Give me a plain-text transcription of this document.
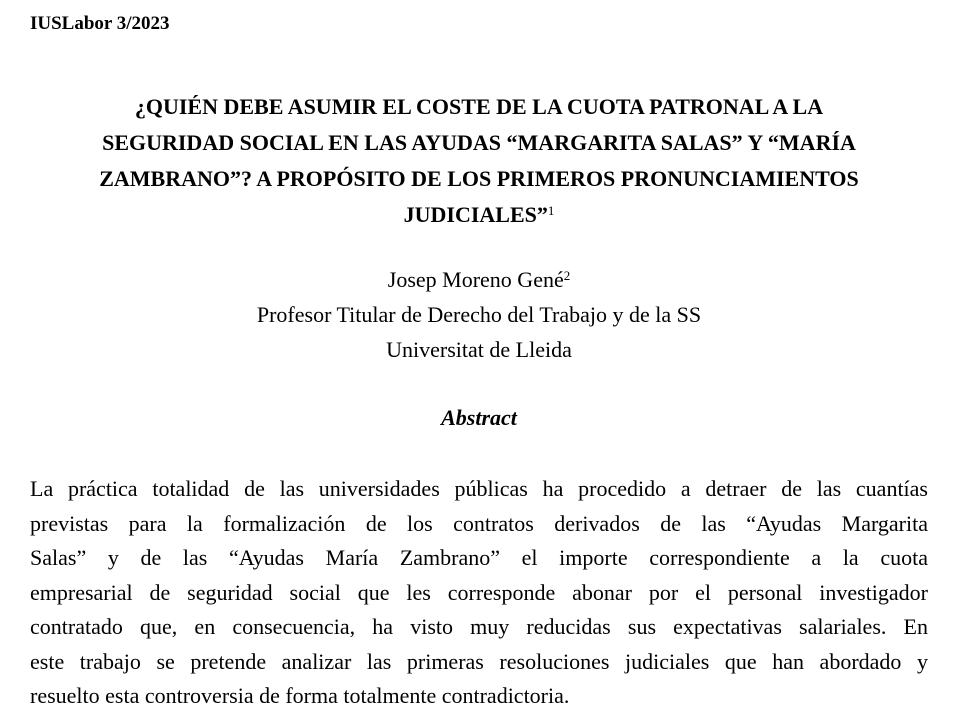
IUSLabor 3/2023
¿QUIÉN DEBE ASUMIR EL COSTE DE LA CUOTA PATRONAL A LA
SEGURIDAD SOCIAL EN LAS AYUDAS “MARGARITA SALAS” Y “MARÍA
ZAMBRANO”? A PROPÓSITO DE LOS PRIMEROS PRONUNCIAMIENTOS
JUDICIALES”$^1$
Josep Moreno Gené$^2$
Profesor Titular de Derecho del Trabajo y de la SS
Universitat de Lleida
Abstract
La práctica totalidad de las universidades públicas ha procedido a detraer de las cuantías
previstas para la formalización de los contratos derivados de las “Ayudas Margarita
Salas” y de las “Ayudas María Zambrano” el importe correspondiente a la cuota
empresarial de seguridad social que les corresponde abonar por el personal investigador
contratado que, en consecuencia, ha visto muy reducidas sus expectativas salariales. En
este trabajo se pretende analizar las primeras resoluciones judiciales que han abordado y
resuelto esta controversia de forma totalmente contradictoria.
